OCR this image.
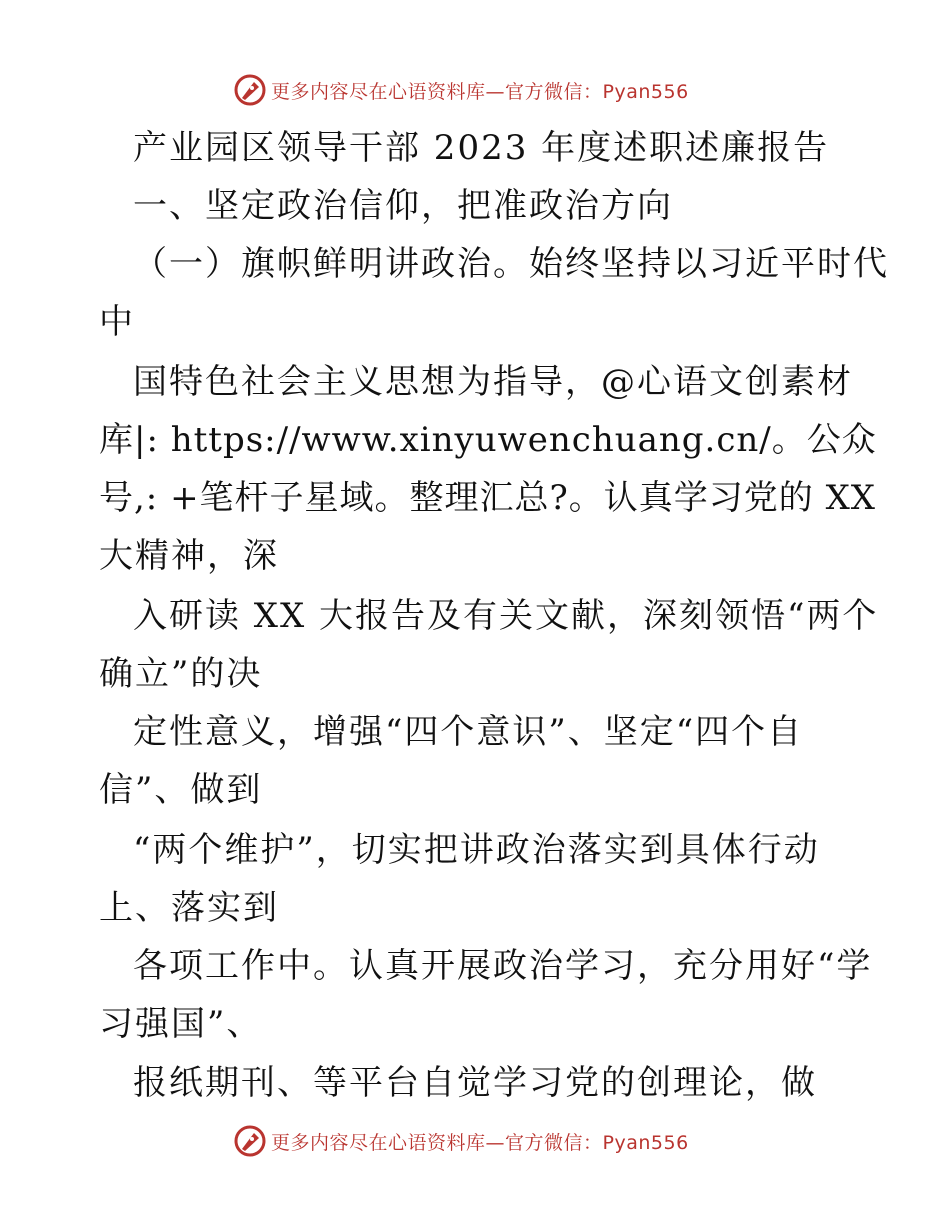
更多内容尽在心语资料库—官方微信：Pyan556
产业园区领导干部 2023 年度述职述廉报告
一、坚定政治信仰，把准政治方向
（一）旗帜鲜明讲政治。始终坚持以习近平时代
中
国特色社会主义思想为指导，@心语文创素材
库|: https://www.xinyuwenchuang.cn/。公众
号,: +笔杆子星域。整理汇总?。认真学习党的 XX
大精神，深
入研读 XX 大报告及有关文献，深刻领悟“两个
确立”的决
定性意义，增强“四个意识”、坚定“四个自
信”、做到
“两个维护”，切实把讲政治落实到具体行动
上、落实到
各项工作中。认真开展政治学习，充分用好“学
习强国”、
报纸期刊、等平台自觉学习党的创理论，做
更多内容尽在心语资料库—官方微信：Pyan556
